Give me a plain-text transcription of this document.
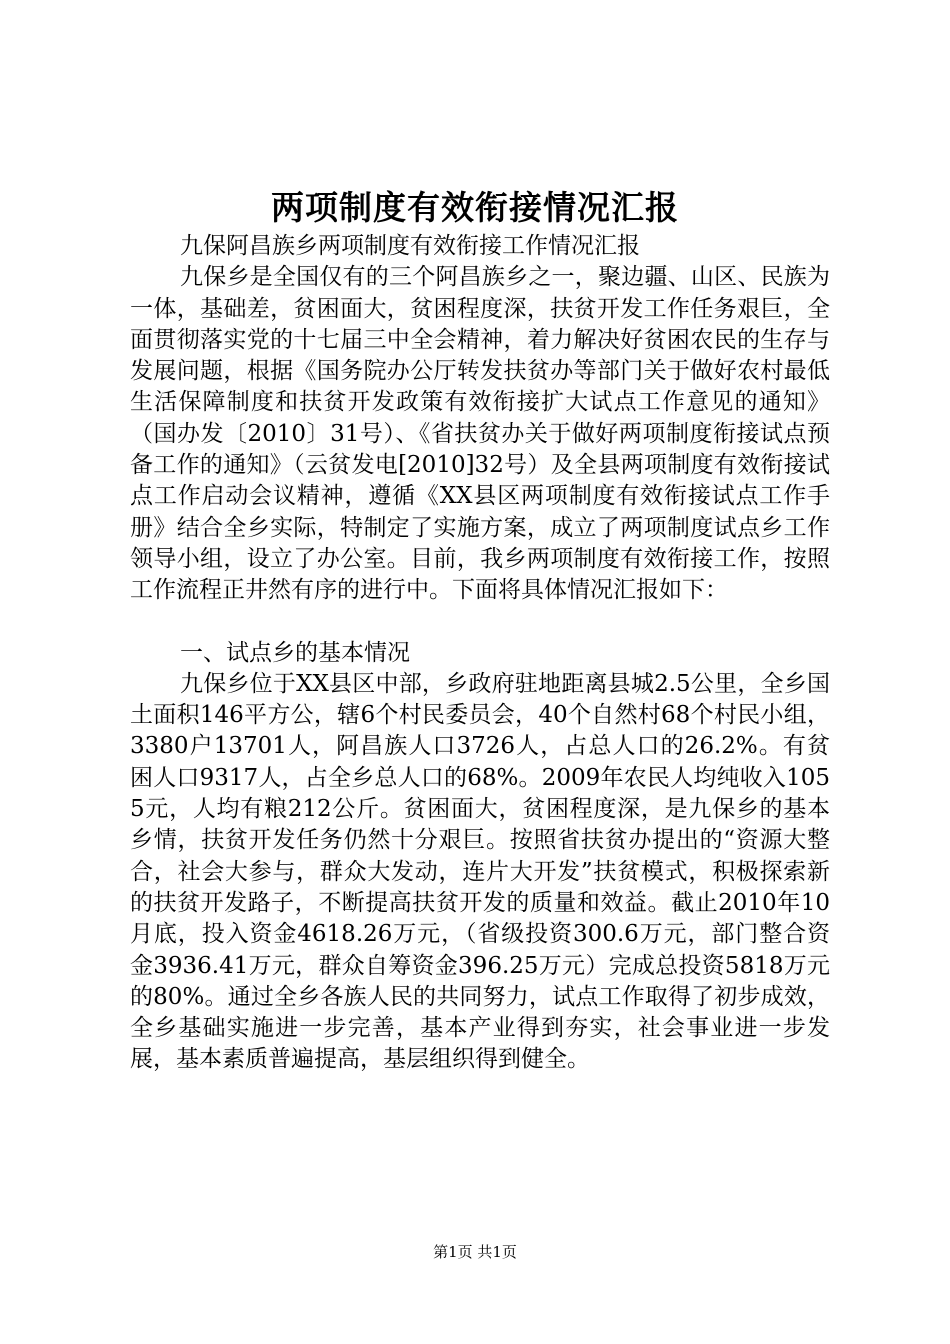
两项制度有效衔接情况汇报

九保阿昌族乡两项制度有效衔接工作情况汇报

九保乡是全国仅有的三个阿昌族乡之一，聚边疆、山区、民族为一体，基础差，贫困面大，贫困程度深，扶贫开发工作任务艰巨，全面贯彻落实党的十七届三中全会精神，着力解决好贫困农民的生存与发展问题，根据《国务院办公厅转发扶贫办等部门关于做好农村最低生活保障制度和扶贫开发政策有效衔接扩大试点工作意见的通知》（国办发〔2010〕31号）、《省扶贫办关于做好两项制度衔接试点预备工作的通知》（云贫发电[2010]32号）及全县两项制度有效衔接试点工作启动会议精神，遵循《XX县区两项制度有效衔接试点工作手册》结合全乡实际，特制定了实施方案，成立了两项制度试点乡工作领导小组，设立了办公室。目前，我乡两项制度有效衔接工作，按照工作流程正井然有序的进行中。下面将具体情况汇报如下：

一、试点乡的基本情况

九保乡位于XX县区中部，乡政府驻地距离县城2.5公里，全乡国土面积146平方公，辖6个村民委员会，40个自然村68个村民小组，3380户13701人，阿昌族人口3726人，占总人口的26.2%。有贫困人口9317人，占全乡总人口的68%。2009年农民人均纯收入1055元，人均有粮212公斤。贫困面大，贫困程度深，是九保乡的基本乡情，扶贫开发任务仍然十分艰巨。按照省扶贫办提出的“资源大整合，社会大参与，群众大发动，连片大开发”扶贫模式，积极探索新的扶贫开发路子，不断提高扶贫开发的质量和效益。截止2010年10月底，投入资金4618.26万元，（省级投资300.6万元，部门整合资金3936.41万元，群众自筹资金396.25万元）完成总投资5818万元的80%。通过全乡各族人民的共同努力，试点工作取得了初步成效，全乡基础实施进一步完善，基本产业得到夯实，社会事业进一步发展，基本素质普遍提高，基层组织得到健全。

第1页 共1页
